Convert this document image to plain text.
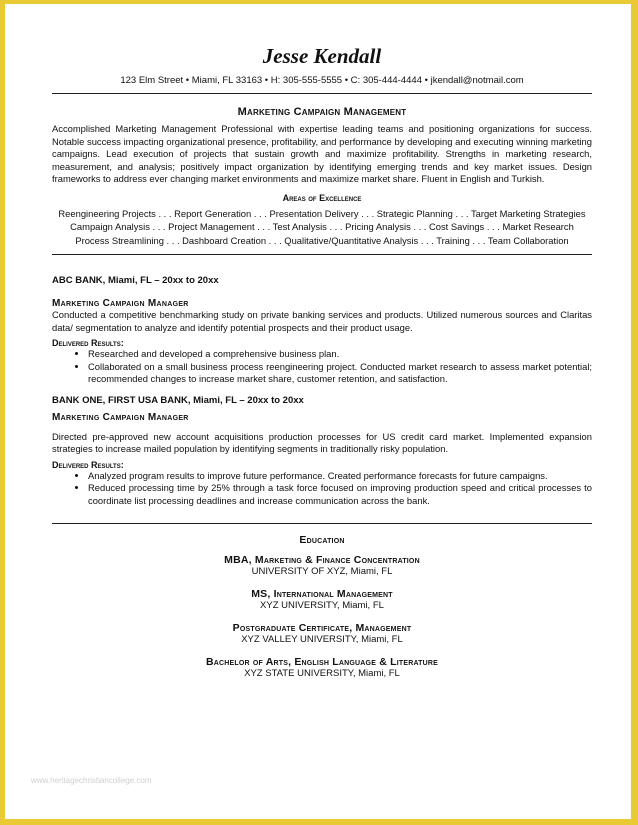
Jesse Kendall
123 Elm Street • Miami, FL 33163 • H: 305-555-5555 • C: 305-444-4444 • jkendall@notmail.com
Marketing Campaign Management
Accomplished Marketing Management Professional with expertise leading teams and positioning organizations for success. Notable success impacting organizational presence, profitability, and performance by developing and executing winning marketing campaigns. Lead execution of projects that sustain growth and maximize profitability. Strengths in marketing research, measurement, and analysis; positively impact organization by identifying emerging trends and key market issues. Design frameworks to address ever changing market environments and maximize market share. Fluent in English and Turkish.
Areas of Excellence
Reengineering Projects . . . Report Generation . . . Presentation Delivery . . . Strategic Planning . . . Target Marketing Strategies
Campaign Analysis . . . Project Management . . . Test Analysis . . . Pricing Analysis . . . Cost Savings . . . Market Research
Process Streamlining . . . Dashboard Creation . . . Qualitative/Quantitative Analysis . . . Training . . . Team Collaboration
ABC BANK, Miami, FL – 20xx to 20xx
Marketing Campaign Manager
Conducted a competitive benchmarking study on private banking services and products. Utilized numerous sources and Claritas data/ segmentation to analyze and identify potential prospects and their product usage.
Delivered Results:
• Researched and developed a comprehensive business plan.
• Collaborated on a small business process reengineering project. Conducted market research to assess market potential; recommended changes to increase market share, customer retention, and satisfaction.
BANK ONE, FIRST USA BANK, Miami, FL – 20xx to 20xx
Marketing Campaign Manager
Directed pre-approved new account acquisitions production processes for US credit card market. Implemented expansion strategies to increase mailed population by identifying segments in traditionally risky population.
Delivered Results:
• Analyzed program results to improve future performance. Created performance forecasts for future campaigns.
• Reduced processing time by 25% through a task force focused on improving production speed and critical processes to coordinate list processing deadlines and increase communication across the bank.
Education
MBA, Marketing & Finance Concentration
UNIVERSITY OF XYZ, Miami, FL
MS, International Management
XYZ UNIVERSITY, Miami, FL
Postgraduate Certificate, Management
XYZ VALLEY UNIVERSITY, Miami, FL
Bachelor of Arts, English Language & Literature
XYZ STATE UNIVERSITY, Miami, FL
www.heritagechristiancollege.com
